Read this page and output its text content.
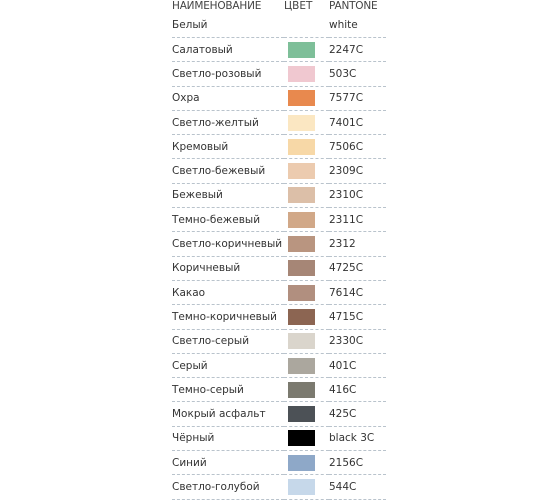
НАИМЕНОВАНИЕ	ЦВЕТ	PANTONE
Белый		white
Салатовый		2247C
Светло-розовый		503C
Охра		7577C
Светло-желтый		7401C
Кремовый		7506C
Светло-бежевый		2309C
Бежевый		2310C
Темно-бежевый		2311C
Светло-коричневый		2312
Коричневый		4725C
Какао		7614C
Темно-коричневый		4715C
Светло-серый		2330C
Серый		401C
Темно-серый		416C
Мокрый асфальт		425C
Чёрный		black 3C
Синий		2156C
Светло-голубой		544C
